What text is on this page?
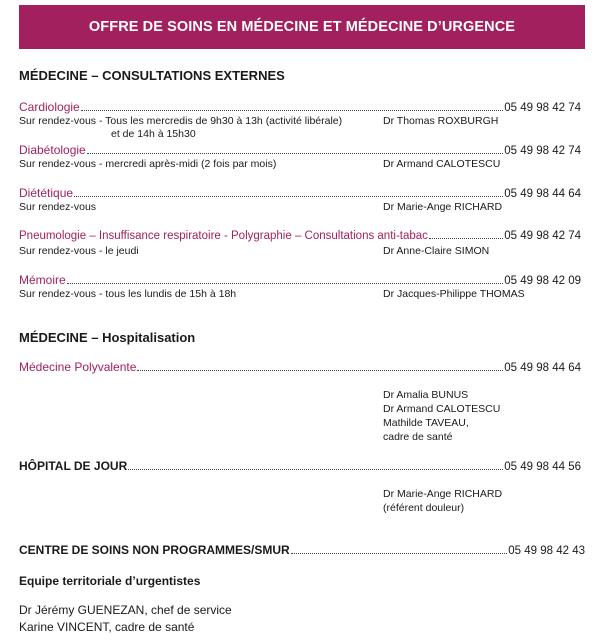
OFFRE DE SOINS EN MÉDECINE ET MÉDECINE D’URGENCE
MÉDECINE – CONSULTATIONS EXTERNES
Cardiologie	05 49 98 42 74
Sur rendez-vous - Tous les mercredis de 9h30 à 13h (activité libérale)
et de 14h à 15h30
Dr Thomas ROXBURGH
Diabétologie	05 49 98 42 74
Sur rendez-vous - mercredi après-midi (2 fois par mois)	Dr Armand CALOTESCU
Diététique	05 49 98 44 64
Sur rendez-vous	Dr Marie-Ange RICHARD
Pneumologie – Insuffisance respiratoire - Polygraphie – Consultations anti-tabac	05 49 98 42 74
Sur rendez-vous - le jeudi	Dr Anne-Claire SIMON
Mémoire	05 49 98 42 09
Sur rendez-vous - tous les lundis de 15h à 18h	Dr Jacques-Philippe THOMAS
MÉDECINE – Hospitalisation
Médecine Polyvalente	05 49 98 44 64
Dr Amalia BUNUS
Dr Armand CALOTESCU
Mathilde TAVEAU,
cadre de santé
HÔPITAL DE JOUR	05 49 98 44 56
Dr Marie-Ange RICHARD
(référent douleur)
CENTRE DE SOINS NON PROGRAMMES/SMUR	05 49 98 42 43
Equipe territoriale d’urgentistes
Dr Jérémy GUENEZAN, chef de service
Karine VINCENT, cadre de santé
